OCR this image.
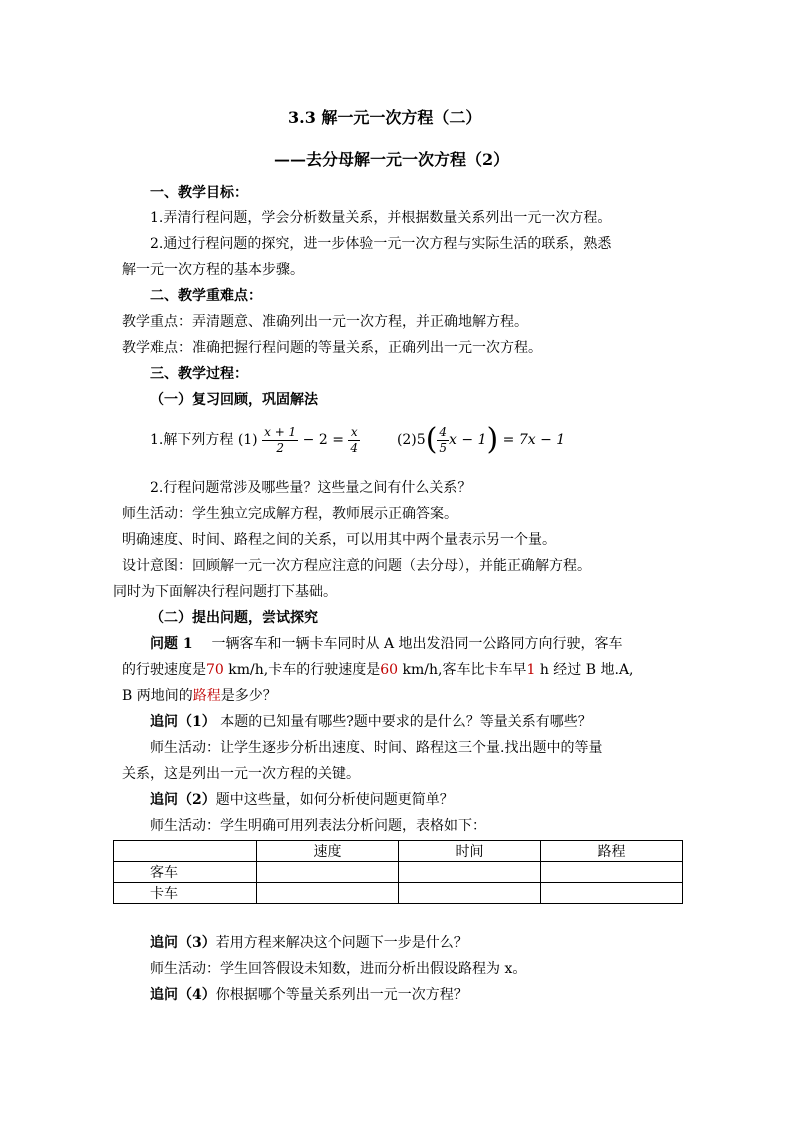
3.3 解一元一次方程（二）
——去分母解一元一次方程（2）
一、教学目标：
1.弄清行程问题，学会分析数量关系，并根据数量关系列出一元一次方程。
2.通过行程问题的探究，进一步体验一元一次方程与实际生活的联系，熟悉
解一元一次方程的基本步骤。
二、教学重难点：
教学重点：弄清题意、准确列出一元一次方程，并正确地解方程。
教学难点：准确把握行程问题的等量关系，正确列出一元一次方程。
三、教学过程：
（一）复习回顾，巩固解法
1.解下列方程 $(1) \frac{x + 1}{2} - 2 = \frac{x}{4}$	$(2)5( \frac{4}{5}$ x − 1) = 7x − 1
2.行程问题常涉及哪些量？这些量之间有什么关系？
师生活动：学生独立完成解方程，教师展示正确答案。
明确速度、时间、路程之间的关系，可以用其中两个量表示另一个量。
设计意图：回顾解一元一次方程应注意的问题（去分母），并能正确解方程。
同时为下面解决行程问题打下基础。
（二）提出问题，尝试探究
问题 1 一辆客车和一辆卡车同时从 A 地出发沿同一公路同方向行驶，客车
的行驶速度是70 km/h,卡车的行驶速度是60 km/h,客车比卡车早1 h 经过 B 地.A,
B 两地间的路程是多少？
追问（1） 本题的已知量有哪些?题中要求的是什么？等量关系有哪些？
师生活动：让学生逐步分析出速度、时间、路程这三个量.找出题中的等量
关系，这是列出一元一次方程的关键。
追问（2）题中这些量，如何分析使问题更简单？
师生活动：学生明确可用列表法分析问题，表格如下：
	速度	时间	路程
客车			
卡车			
追问（3）若用方程来解决这个问题下一步是什么？
师生活动：学生回答假设未知数，进而分析出假设路程为 x。
追问（4）你根据哪个等量关系列出一元一次方程？
